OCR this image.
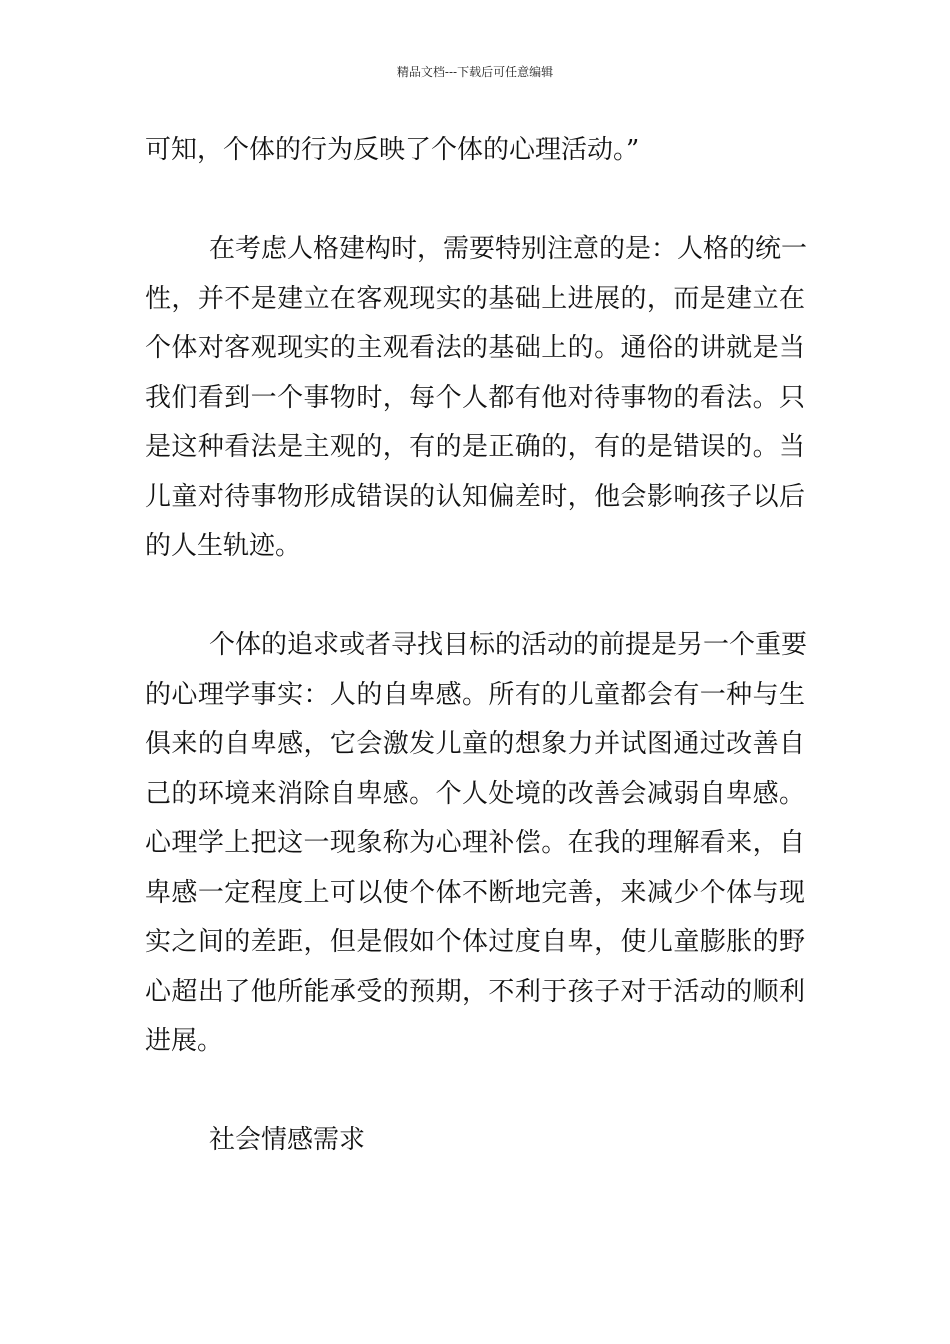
精品文档---下载后可任意编辑
可知，个体的行为反映了个体的心理活动。”
在考虑人格建构时，需要特别注意的是：人格的统一
性，并不是建立在客观现实的基础上进展的，而是建立在
个体对客观现实的主观看法的基础上的。通俗的讲就是当
我们看到一个事物时，每个人都有他对待事物的看法。只
是这种看法是主观的，有的是正确的，有的是错误的。当
儿童对待事物形成错误的认知偏差时，他会影响孩子以后
的人生轨迹。
个体的追求或者寻找目标的活动的前提是另一个重要
的心理学事实：人的自卑感。所有的儿童都会有一种与生
俱来的自卑感，它会激发儿童的想象力并试图通过改善自
己的环境来消除自卑感。个人处境的改善会减弱自卑感。
心理学上把这一现象称为心理补偿。在我的理解看来，自
卑感一定程度上可以使个体不断地完善，来减少个体与现
实之间的差距，但是假如个体过度自卑，使儿童膨胀的野
心超出了他所能承受的预期，不利于孩子对于活动的顺利
进展。
社会情感需求
